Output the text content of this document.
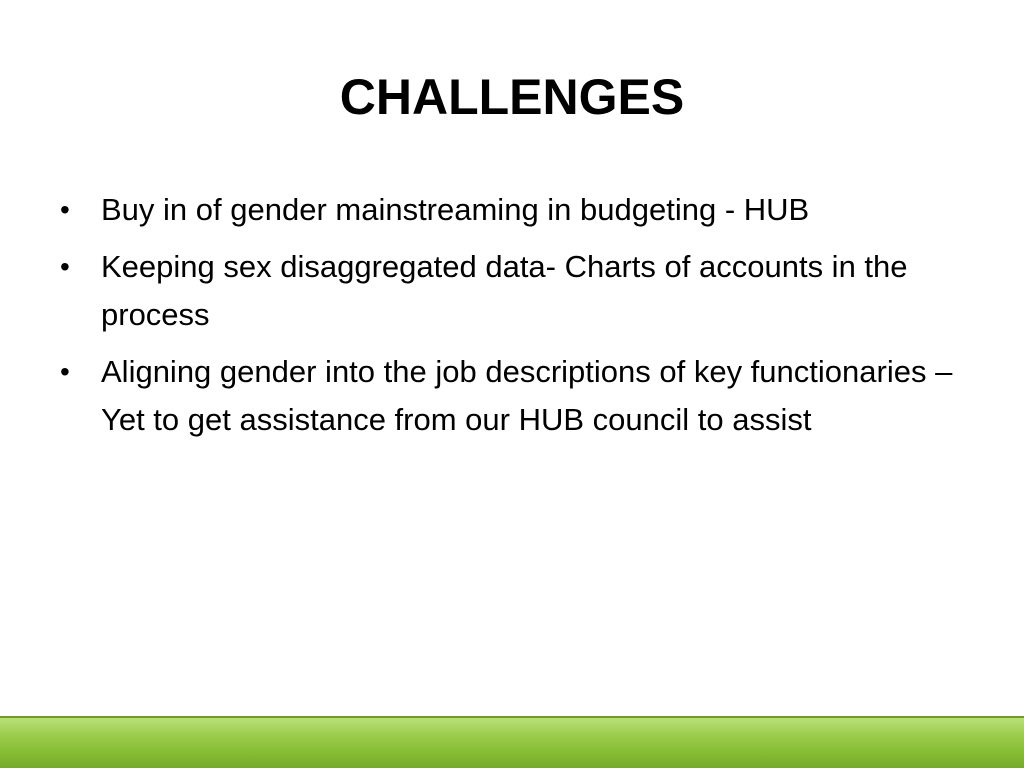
CHALLENGES
• Buy in of gender mainstreaming in budgeting - HUB
• Keeping sex disaggregated data- Charts of accounts in the process
• Aligning gender into the job descriptions of key functionaries – Yet to get assistance from our HUB council to assist
